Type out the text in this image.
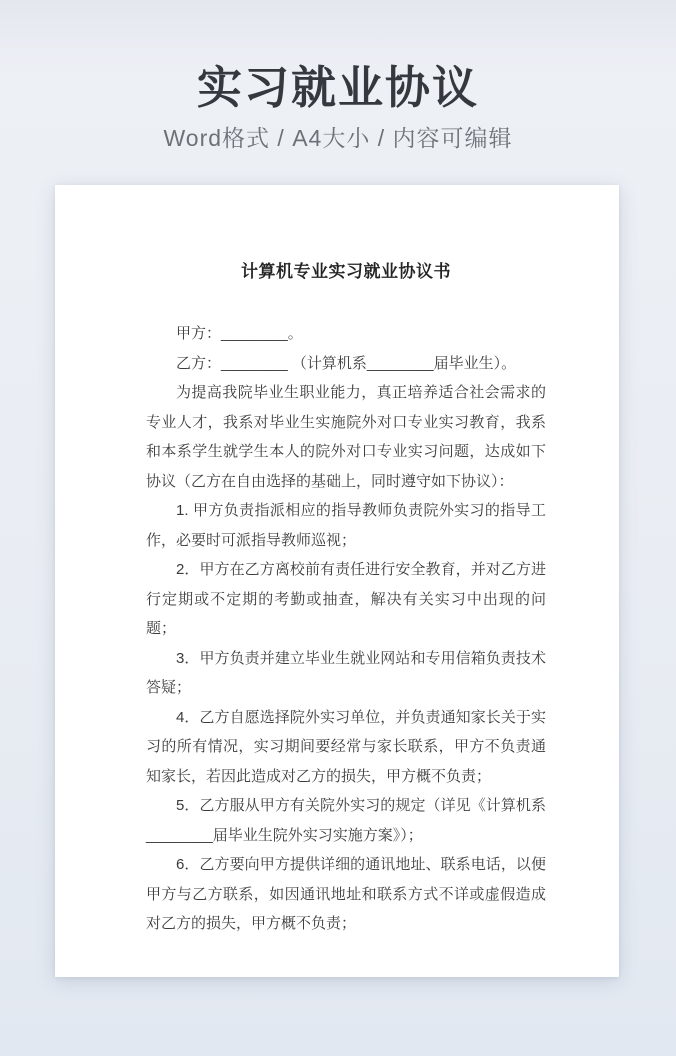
实习就业协议
Word格式 / A4大小 / 内容可编辑
计算机专业实习就业协议书

甲方：________。

乙方：________ （计算机系________届毕业生）。

为提高我院毕业生职业能力，真正培养适合社会需求的专业人才，我系对毕业生实施院外对口专业实习教育，我系和本系学生就学生本人的院外对口专业实习问题，达成如下协议（乙方在自由选择的基础上，同时遵守如下协议）：

1. 甲方负责指派相应的指导教师负责院外实习的指导工作，必要时可派指导教师巡视；

2．甲方在乙方离校前有责任进行安全教育，并对乙方进行定期或不定期的考勤或抽查，解决有关实习中出现的问题；

3．甲方负责并建立毕业生就业网站和专用信箱负责技术答疑；

4．乙方自愿选择院外实习单位，并负责通知家长关于实习的所有情况，实习期间要经常与家长联系，甲方不负责通知家长，若因此造成对乙方的损失，甲方概不负责；

5．乙方服从甲方有关院外实习的规定（详见《计算机系________届毕业生院外实习实施方案》）；

6．乙方要向甲方提供详细的通讯地址、联系电话，以便甲方与乙方联系，如因通讯地址和联系方式不详或虚假造成对乙方的损失，甲方概不负责；
